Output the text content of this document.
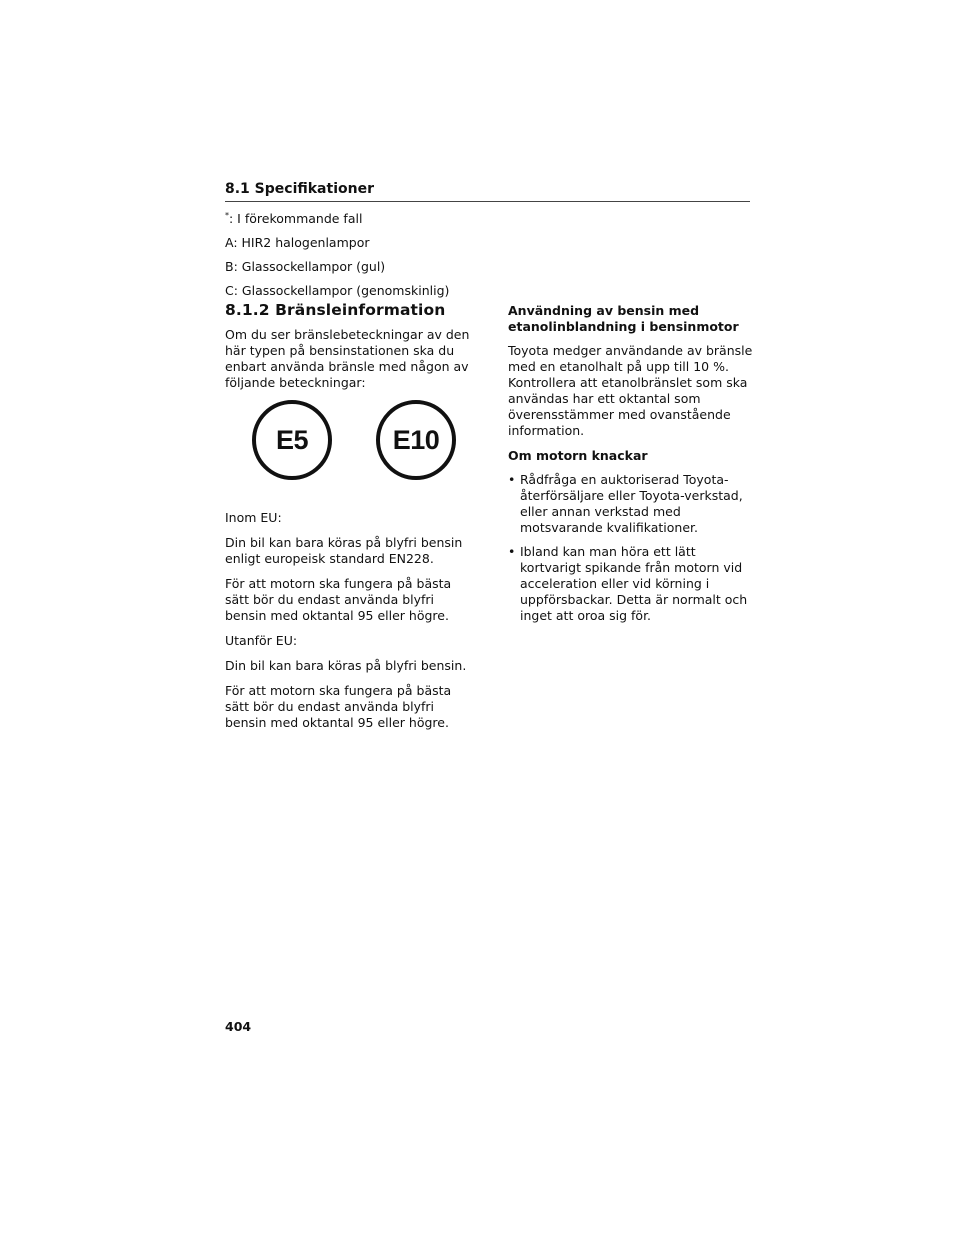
8.1 Specifikationer

*: I förekommande fall

A: HIR2 halogenlampor

B: Glassockellampor (gul)

C: Glassockellampor (genomskinlig)

8.1.2 Bränsleinformation

Om du ser bränslebeteckningar av den här typen på bensinstationen ska du enbart använda bränsle med någon av följande beteckningar:

E5	E10

Inom EU:

Din bil kan bara köras på blyfri bensin enligt europeisk standard EN228.

För att motorn ska fungera på bästa sätt bör du endast använda blyfri bensin med oktantal 95 eller högre.

Utanför EU:

Din bil kan bara köras på blyfri bensin.

För att motorn ska fungera på bästa sätt bör du endast använda blyfri bensin med oktantal 95 eller högre.

Användning av bensin med etanolinblandning i bensinmotor

Toyota medger användande av bränsle med en etanolhalt på upp till 10 %. Kontrollera att etanolbränslet som ska användas har ett oktantal som överensstämmer med ovanstående information.

Om motorn knackar
• Rådfråga en auktoriserad Toyota-återförsäljare eller Toyota-verkstad, eller annan verkstad med motsvarande kvalifikationer.
• Ibland kan man höra ett lätt kortvarigt spikande från motorn vid acceleration eller vid körning i uppförsbackar. Detta är normalt och inget att oroa sig för.
404
